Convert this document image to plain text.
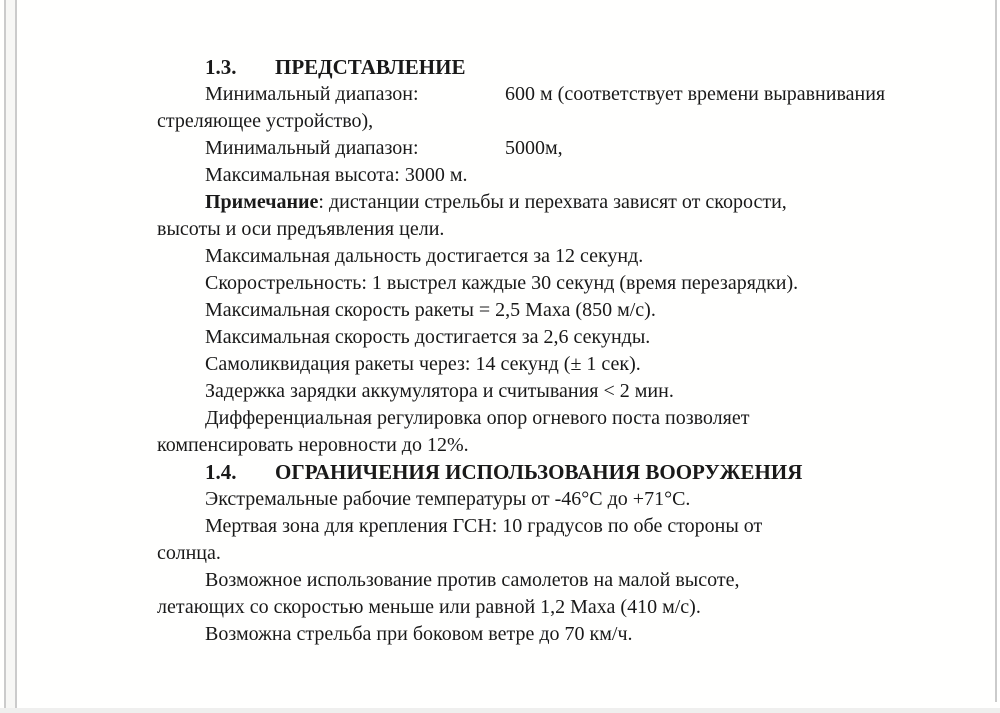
1.3. ПРЕДСТАВЛЕНИЕ
Минимальный диапазон:	600 м (соответствует времени выравнивания
стреляющее устройство),
Минимальный диапазон:	5000м,
Максимальная высота: 3000 м.
Примечание: дистанции стрельбы и перехвата зависят от скорости,
высоты и оси предъявления цели.
Максимальная дальность достигается за 12 секунд.
Скорострельность: 1 выстрел каждые 30 секунд (время перезарядки).
Максимальная скорость ракеты = 2,5 Маха (850 м/с).
Максимальная скорость достигается за 2,6 секунды.
Самоликвидация ракеты через: 14 секунд (± 1 сек).
Задержка зарядки аккумулятора и считывания < 2 мин.
Дифференциальная регулировка опор огневого поста позволяет
компенсировать неровности до 12%.
1.4. ОГРАНИЧЕНИЯ ИСПОЛЬЗОВАНИЯ ВООРУЖЕНИЯ
Экстремальные рабочие температуры от -46°С до +71°С.
Мертвая зона для крепления ГСН: 10 градусов по обе стороны от
солнца.
Возможное использование против самолетов на малой высоте,
летающих со скоростью меньше или равной 1,2 Маха (410 м/с).
Возможна стрельба при боковом ветре до 70 км/ч.
